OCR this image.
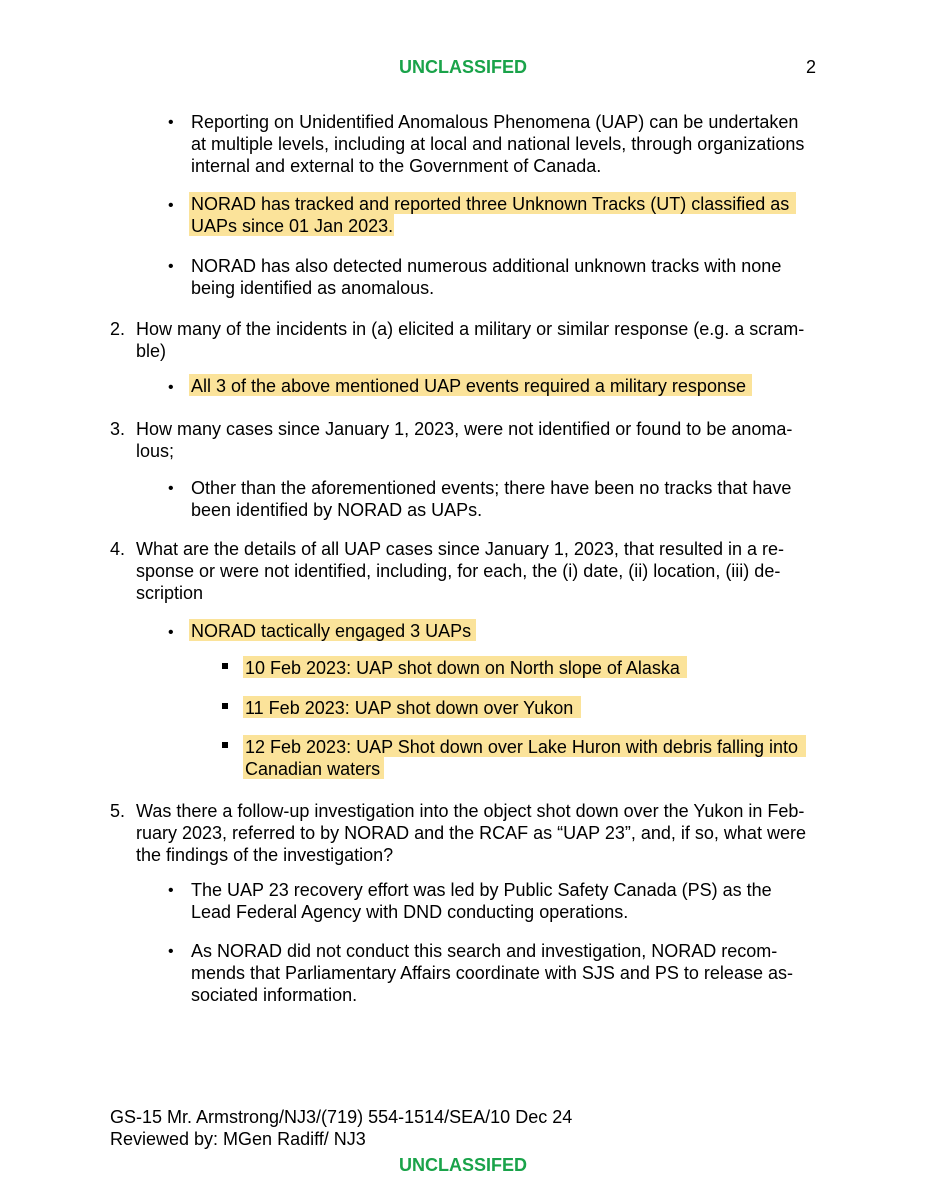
UNCLASSIFED	2
• Reporting on Unidentified Anomalous Phenomena (UAP) can be undertaken
at multiple levels, including at local and national levels, through organizations
internal and external to the Government of Canada.
• NORAD has tracked and reported three Unknown Tracks (UT) classified as
UAPs since 01 Jan 2023.
• NORAD has also detected numerous additional unknown tracks with none
being identified as anomalous.
2. How many of the incidents in (a) elicited a military or similar response (e.g. a scram-
ble)
• All 3 of the above mentioned UAP events required a military response
3. How many cases since January 1, 2023, were not identified or found to be anoma-
lous;
• Other than the aforementioned events; there have been no tracks that have
been identified by NORAD as UAPs.
4. What are the details of all UAP cases since January 1, 2023, that resulted in a re-
sponse or were not identified, including, for each, the (i) date, (ii) location, (iii) de-
scription
• NORAD tactically engaged 3 UAPs
10 Feb 2023: UAP shot down on North slope of Alaska
11 Feb 2023: UAP shot down over Yukon
12 Feb 2023: UAP Shot down over Lake Huron with debris falling into
Canadian waters
5. Was there a follow-up investigation into the object shot down over the Yukon in Feb-
ruary 2023, referred to by NORAD and the RCAF as “UAP 23”, and, if so, what were
the findings of the investigation?
• The UAP 23 recovery effort was led by Public Safety Canada (PS) as the
Lead Federal Agency with DND conducting operations.
• As NORAD did not conduct this search and investigation, NORAD recom-
mends that Parliamentary Affairs coordinate with SJS and PS to release as-
sociated information.
GS-15 Mr. Armstrong/NJ3/(719) 554-1514/SEA/10 Dec 24
Reviewed by: MGen Radiff/ NJ3
UNCLASSIFED
